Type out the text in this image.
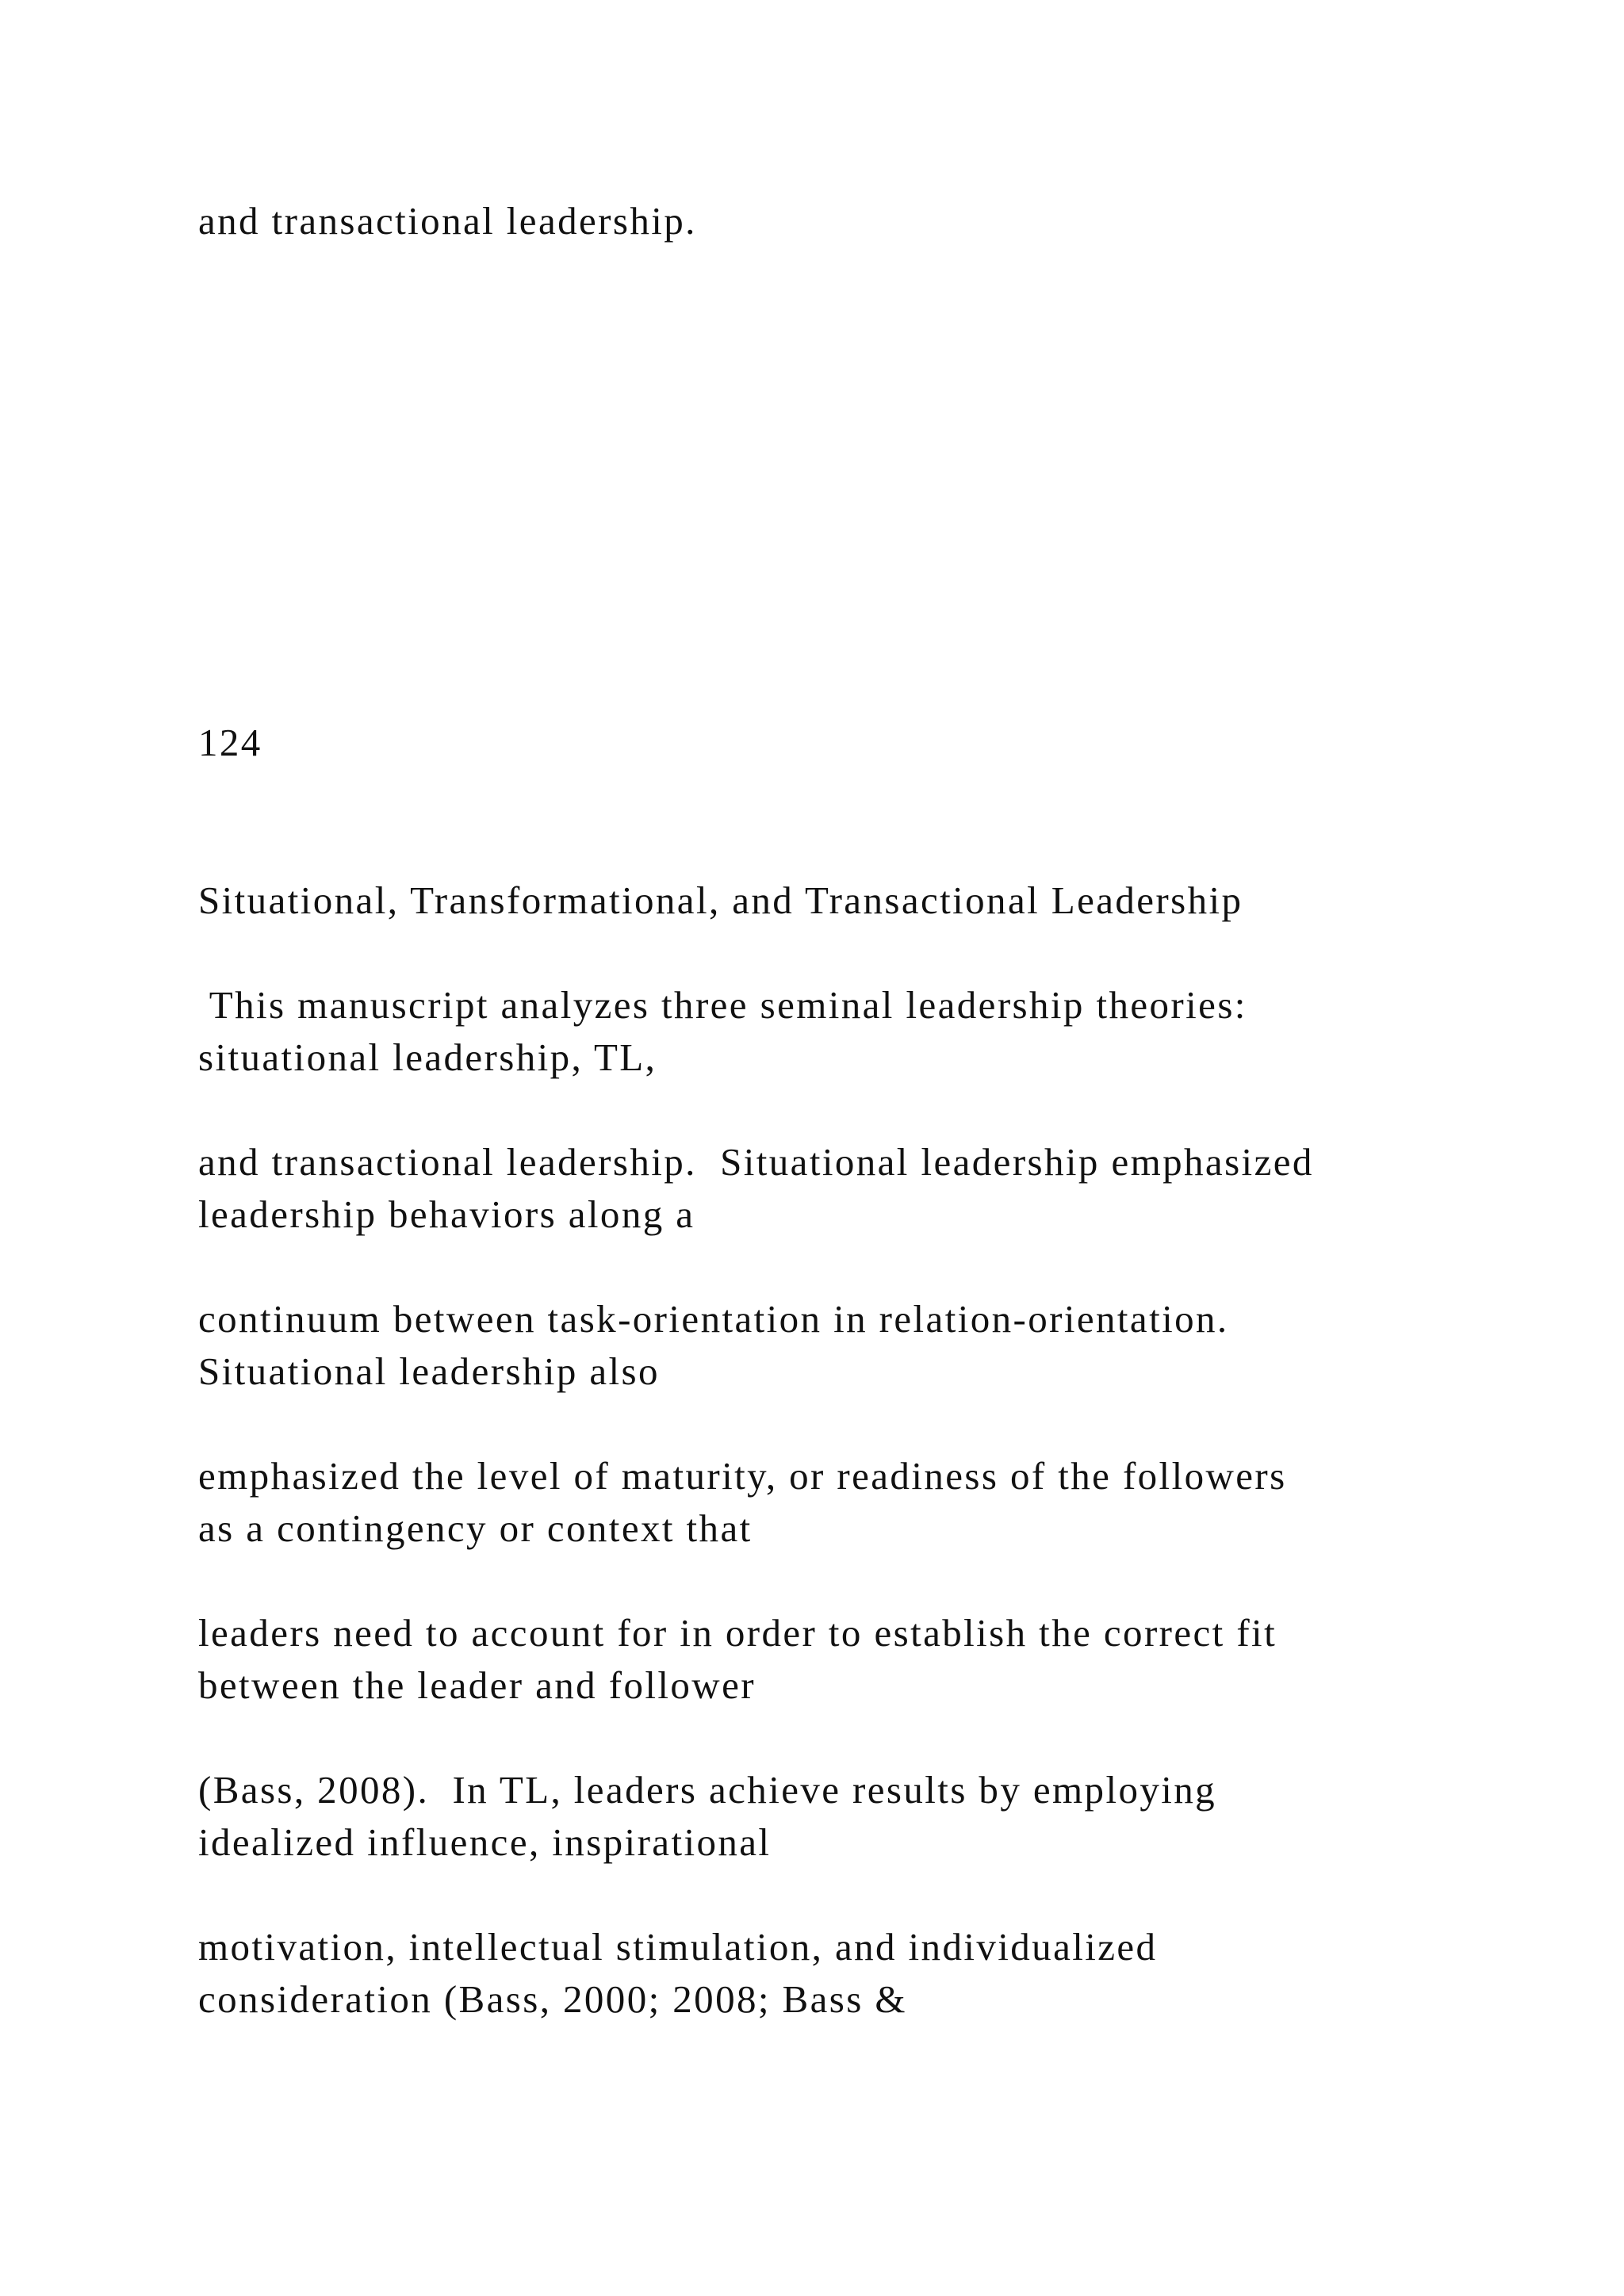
and transactional leadership.
124
Situational, Transformational, and Transactional Leadership
This manuscript analyzes three seminal leadership theories:
situational leadership, TL,
and transactional leadership.  Situational leadership emphasized
leadership behaviors along a
continuum between task-orientation in relation-orientation.
Situational leadership also
emphasized the level of maturity, or readiness of the followers
as a contingency or context that
leaders need to account for in order to establish the correct fit
between the leader and follower
(Bass, 2008).  In TL, leaders achieve results by employing
idealized influence, inspirational
motivation, intellectual stimulation, and individualized
consideration (Bass, 2000; 2008; Bass &
